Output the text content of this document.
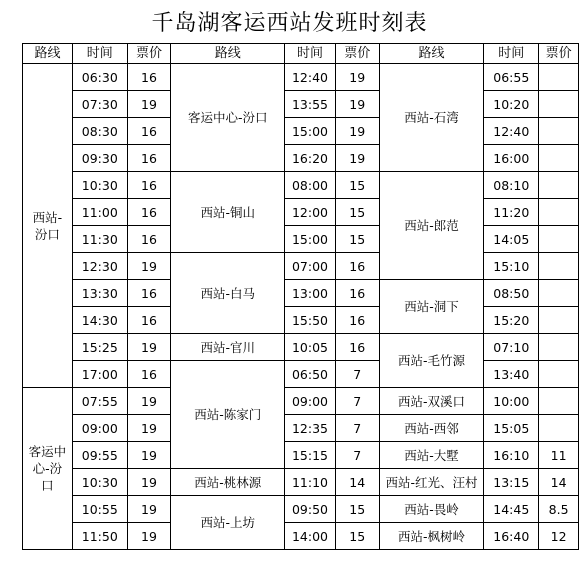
千岛湖客运西站发班时刻表
路线	时间	票价	路线	时间	票价	路线	时间	票价

西站-汾口	06:30	16	客运中心-汾口	12:40	19	西站-石湾	06:55	
	07:30	19		13:55	19		10:20	
	08:30	16		15:00	19		12:40	
	09:30	16		16:20	19		16:00	
	10:30	16	西站-铜山	08:00	15	西站-郎范	08:10	
	11:00	16		12:00	15		11:20	
	11:30	16		15:00	15		14:05	
	12:30	19	西站-白马	07:00	16		15:10	
	13:30	16		13:00	16	西站-洞下	08:50	
	14:30	16		15:50	16		15:20	
	15:25	19	西站-官川	10:05	16	西站-毛竹源	07:10	
	17:00	16	西站-陈家门	06:50	7		13:40	

客运中心-汾口	07:55	19		09:00	7	西站-双溪口	10:00	
	09:00	19		12:35	7	西站-西邻	15:05	
	09:55	19		15:15	7	西站-大墅	16:10	11
	10:30	19	西站-桃林源	11:10	14	西站-红光、汪村	13:15	14
	10:55	19	西站-上坊	09:50	15	西站-畏岭	14:45	8.5
	11:50	19		14:00	15	西站-枫树岭	16:40	12
